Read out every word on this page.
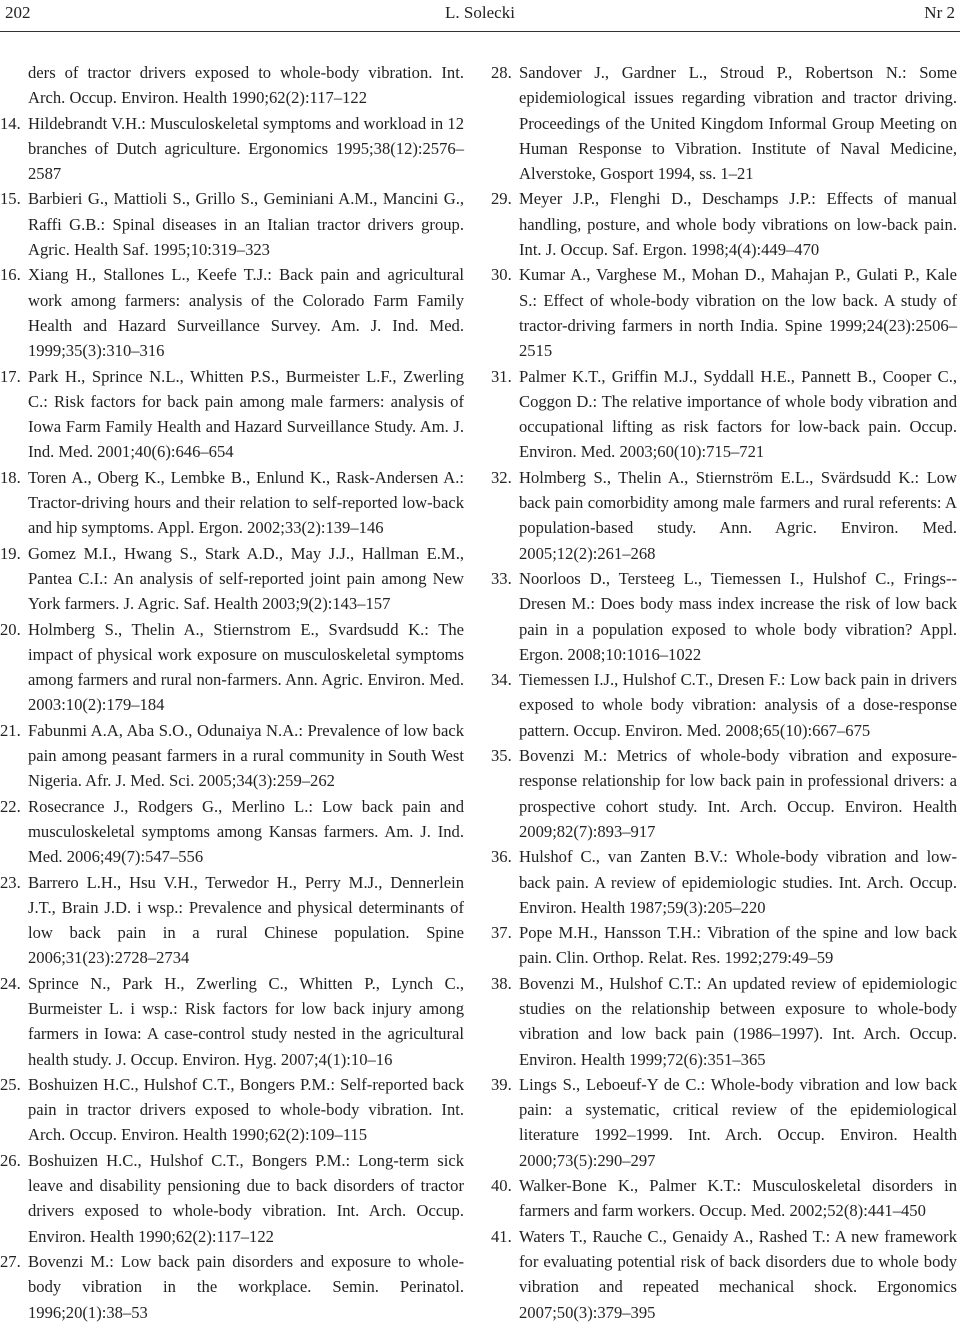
202	L. Solecki	Nr 2
ders of tractor drivers exposed to whole-body vibration. Int. Arch. Occup. Environ. Health 1990;62(2):117–122
14. Hildebrandt V.H.: Musculoskeletal symptoms and workload in 12 branches of Dutch agriculture. Ergonomics 1995;38(12):2576–2587
15. Barbieri G., Mattioli S., Grillo S., Geminiani A.M., Mancini G., Raffi G.B.: Spinal diseases in an Italian tractor drivers group. Agric. Health Saf. 1995;10:319–323
16. Xiang H., Stallones L., Keefe T.J.: Back pain and agricultural work among farmers: analysis of the Colorado Farm Family Health and Hazard Surveillance Survey. Am. J. Ind. Med. 1999;35(3):310–316
17. Park H., Sprince N.L., Whitten P.S., Burmeister L.F., Zwerling C.: Risk factors for back pain among male farmers: analysis of Iowa Farm Family Health and Hazard Surveillance Study. Am. J. Ind. Med. 2001;40(6):646–654
18. Toren A., Oberg K., Lembke B., Enlund K., Rask-Andersen A.: Tractor-driving hours and their relation to self-reported low-back and hip symptoms. Appl. Ergon. 2002;33(2):139–146
19. Gomez M.I., Hwang S., Stark A.D., May J.J., Hallman E.M., Pantea C.I.: An analysis of self-reported joint pain among New York farmers. J. Agric. Saf. Health 2003;9(2):143–157
20. Holmberg S., Thelin A., Stiernstrom E., Svardsudd K.: The impact of physical work exposure on musculoskeletal symptoms among farmers and rural non-farmers. Ann. Agric. Environ. Med. 2003:10(2):179–184
21. Fabunmi A.A, Aba S.O., Odunaiya N.A.: Prevalence of low back pain among peasant farmers in a rural community in South West Nigeria. Afr. J. Med. Sci. 2005;34(3):259–262
22. Rosecrance J., Rodgers G., Merlino L.: Low back pain and musculoskeletal symptoms among Kansas farmers. Am. J. Ind. Med. 2006;49(7):547–556
23. Barrero L.H., Hsu V.H., Terwedor H., Perry M.J., Dennerlein J.T., Brain J.D. i wsp.: Prevalence and physical determinants of low back pain in a rural Chinese population. Spine 2006;31(23):2728–2734
24. Sprince N., Park H., Zwerling C., Whitten P., Lynch C., Burmeister L. i wsp.: Risk factors for low back injury among farmers in Iowa: A case-control study nested in the agricultural health study. J. Occup. Environ. Hyg. 2007;4(1):10–16
25. Boshuizen H.C., Hulshof C.T., Bongers P.M.: Self-reported back pain in tractor drivers exposed to whole-body vibration. Int. Arch. Occup. Environ. Health 1990;62(2):109–115
26. Boshuizen H.C., Hulshof C.T., Bongers P.M.: Long-term sick leave and disability pensioning due to back disorders of tractor drivers exposed to whole-body vibration. Int. Arch. Occup. Environ. Health 1990;62(2):117–122
27. Bovenzi M.: Low back pain disorders and exposure to whole-body vibration in the workplace. Semin. Perinatol. 1996;20(1):38–53
28. Sandover J., Gardner L., Stroud P., Robertson N.: Some epidemiological issues regarding vibration and tractor driving. Proceedings of the United Kingdom Informal Group Meeting on Human Response to Vibration. Institute of Naval Medicine, Alverstoke, Gosport 1994, ss. 1–21
29. Meyer J.P., Flenghi D., Deschamps J.P.: Effects of manual handling, posture, and whole body vibrations on low-back pain. Int. J. Occup. Saf. Ergon. 1998;4(4):449–470
30. Kumar A., Varghese M., Mohan D., Mahajan P., Gulati P., Kale S.: Effect of whole-body vibration on the low back. A study of tractor-driving farmers in north India. Spine 1999;24(23):2506–2515
31. Palmer K.T., Griffin M.J., Syddall H.E., Pannett B., Cooper C., Coggon D.: The relative importance of whole body vibration and occupational lifting as risk factors for low-back pain. Occup. Environ. Med. 2003;60(10):715–721
32. Holmberg S., Thelin A., Stiernström E.L., Svärdsudd K.: Low back pain comorbidity among male farmers and rural referents: A population-based study. Ann. Agric. Environ. Med. 2005;12(2):261–268
33. Noorloos D., Tersteeg L., Tiemessen I., Hulshof C., Frings--Dresen M.: Does body mass index increase the risk of low back pain in a population exposed to whole body vibration? Appl. Ergon. 2008;10:1016–1022
34. Tiemessen I.J., Hulshof C.T., Dresen F.: Low back pain in drivers exposed to whole body vibration: analysis of a dose-response pattern. Occup. Environ. Med. 2008;65(10):667–675
35. Bovenzi M.: Metrics of whole-body vibration and exposure-response relationship for low back pain in professional drivers: a prospective cohort study. Int. Arch. Occup. Environ. Health 2009;82(7):893–917
36. Hulshof C., van Zanten B.V.: Whole-body vibration and low-back pain. A review of epidemiologic studies. Int. Arch. Occup. Environ. Health 1987;59(3):205–220
37. Pope M.H., Hansson T.H.: Vibration of the spine and low back pain. Clin. Orthop. Relat. Res. 1992;279:49–59
38. Bovenzi M., Hulshof C.T.: An updated review of epidemiologic studies on the relationship between exposure to whole-body vibration and low back pain (1986–1997). Int. Arch. Occup. Environ. Health 1999;72(6):351–365
39. Lings S., Leboeuf-Y de C.: Whole-body vibration and low back pain: a systematic, critical review of the epidemiological literature 1992–1999. Int. Arch. Occup. Environ. Health 2000;73(5):290–297
40. Walker-Bone K., Palmer K.T.: Musculoskeletal disorders in farmers and farm workers. Occup. Med. 2002;52(8):441–450
41. Waters T., Rauche C., Genaidy A., Rashed T.: A new framework for evaluating potential risk of back disorders due to whole body vibration and repeated mechanical shock. Ergonomics 2007;50(3):379–395
